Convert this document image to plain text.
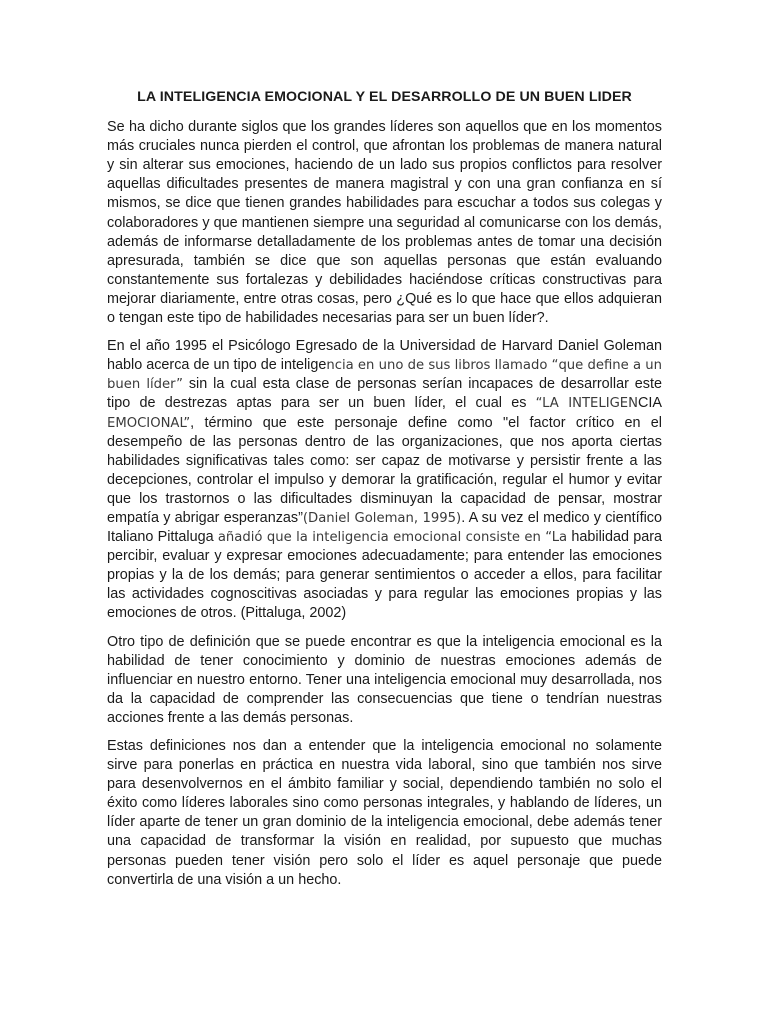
LA INTELIGENCIA EMOCIONAL Y EL DESARROLLO DE UN BUEN LIDER

Se ha dicho durante siglos que los grandes líderes son aquellos que en los momentos más cruciales nunca pierden el control, que afrontan los problemas de manera natural y sin alterar sus emociones, haciendo de un lado sus propios conflictos para resolver aquellas dificultades presentes de manera magistral y con una gran confianza en sí mismos, se dice que tienen grandes habilidades para escuchar a todos sus colegas y colaboradores y que mantienen siempre una seguridad al comunicarse con los demás, además de informarse detalladamente de los problemas antes de tomar una decisión apresurada, también se dice que son aquellas personas que están evaluando constantemente sus fortalezas y debilidades haciéndose críticas constructivas para mejorar diariamente, entre otras cosas, pero ¿Qué es lo que hace que ellos adquieran o tengan este tipo de habilidades necesarias para ser un buen líder?.

En el año 1995 el Psicólogo Egresado de la Universidad de Harvard Daniel Goleman hablo acerca de un tipo de inteligencia en uno de sus libros llamado “que define a un buen líder” sin la cual esta clase de personas serían incapaces de desarrollar este tipo de destrezas aptas para ser un buen líder, el cual es “LA INTELIGENCIA EMOCIONAL”, término que este personaje define como "el factor crítico en el desempeño de las personas dentro de las organizaciones, que nos aporta ciertas habilidades significativas tales como: ser capaz de motivarse y persistir frente a las decepciones, controlar el impulso y demorar la gratificación, regular el humor y evitar que los trastornos o las dificultades disminuyan la capacidad de pensar, mostrar empatía y abrigar esperanzas”(Daniel Goleman, 1995). A su vez el medico y científico Italiano Pittaluga añadió que la inteligencia emocional consiste en “La habilidad para percibir, evaluar y expresar emociones adecuadamente; para entender las emociones propias y la de los demás; para generar sentimientos o acceder a ellos, para facilitar las actividades cognoscitivas asociadas y para regular las emociones propias y las emociones de otros. (Pittaluga, 2002)

Otro tipo de definición que se puede encontrar es que la inteligencia emocional es la habilidad de tener conocimiento y dominio de nuestras emociones además de influenciar en nuestro entorno. Tener una inteligencia emocional muy desarrollada, nos da la capacidad de comprender las consecuencias que tiene o tendrían nuestras acciones frente a las demás personas.

Estas definiciones nos dan a entender que la inteligencia emocional no solamente sirve para ponerlas en práctica en nuestra vida laboral, sino que también nos sirve para desenvolvernos en el ámbito familiar y social, dependiendo también no solo el éxito como líderes laborales sino como personas integrales, y hablando de líderes, un líder aparte de tener un gran dominio de la inteligencia emocional, debe además tener una capacidad de transformar la visión en realidad, por supuesto que muchas personas pueden tener visión pero solo el líder es aquel personaje que puede convertirla de una visión a un hecho.
